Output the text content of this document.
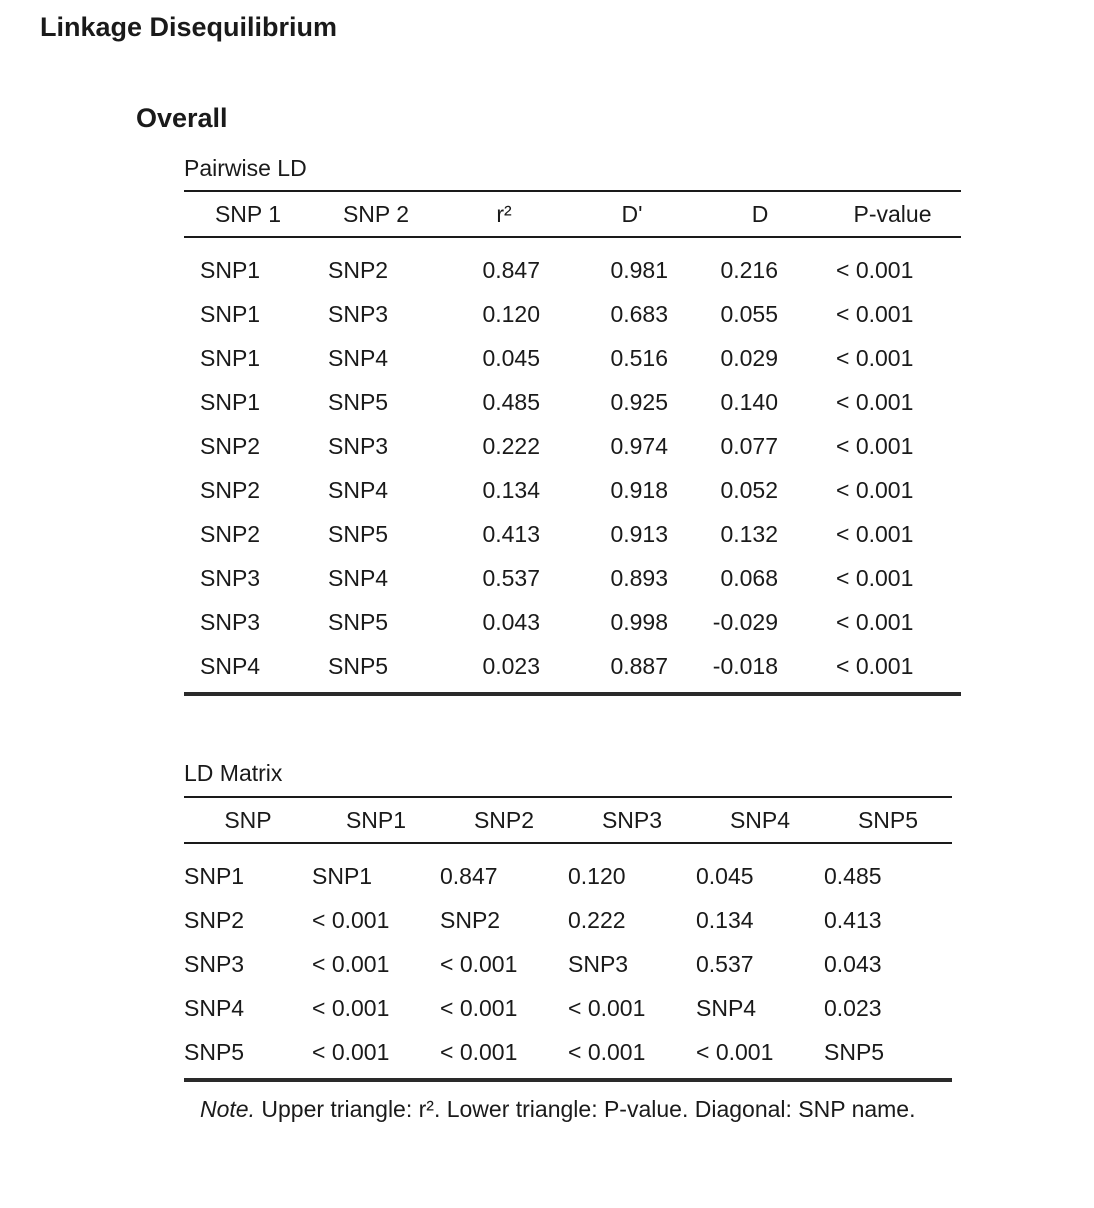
Linkage Disequilibrium
Overall
Pairwise LD
SNP 1	SNP 2	r²	D'	D	P-value
SNP1	SNP2	0.847	0.981	0.216	< 0.001
SNP1	SNP3	0.120	0.683	0.055	< 0.001
SNP1	SNP4	0.045	0.516	0.029	< 0.001
SNP1	SNP5	0.485	0.925	0.140	< 0.001
SNP2	SNP3	0.222	0.974	0.077	< 0.001
SNP2	SNP4	0.134	0.918	0.052	< 0.001
SNP2	SNP5	0.413	0.913	0.132	< 0.001
SNP3	SNP4	0.537	0.893	0.068	< 0.001
SNP3	SNP5	0.043	0.998	-0.029	< 0.001
SNP4	SNP5	0.023	0.887	-0.018	< 0.001
LD Matrix
SNP	SNP1	SNP2	SNP3	SNP4	SNP5
SNP1	SNP1	0.847	0.120	0.045	0.485
SNP2	< 0.001	SNP2	0.222	0.134	0.413
SNP3	< 0.001	< 0.001	SNP3	0.537	0.043
SNP4	< 0.001	< 0.001	< 0.001	SNP4	0.023
SNP5	< 0.001	< 0.001	< 0.001	< 0.001	SNP5

Note. Upper triangle: r². Lower triangle: P-value. Diagonal: SNP name.
